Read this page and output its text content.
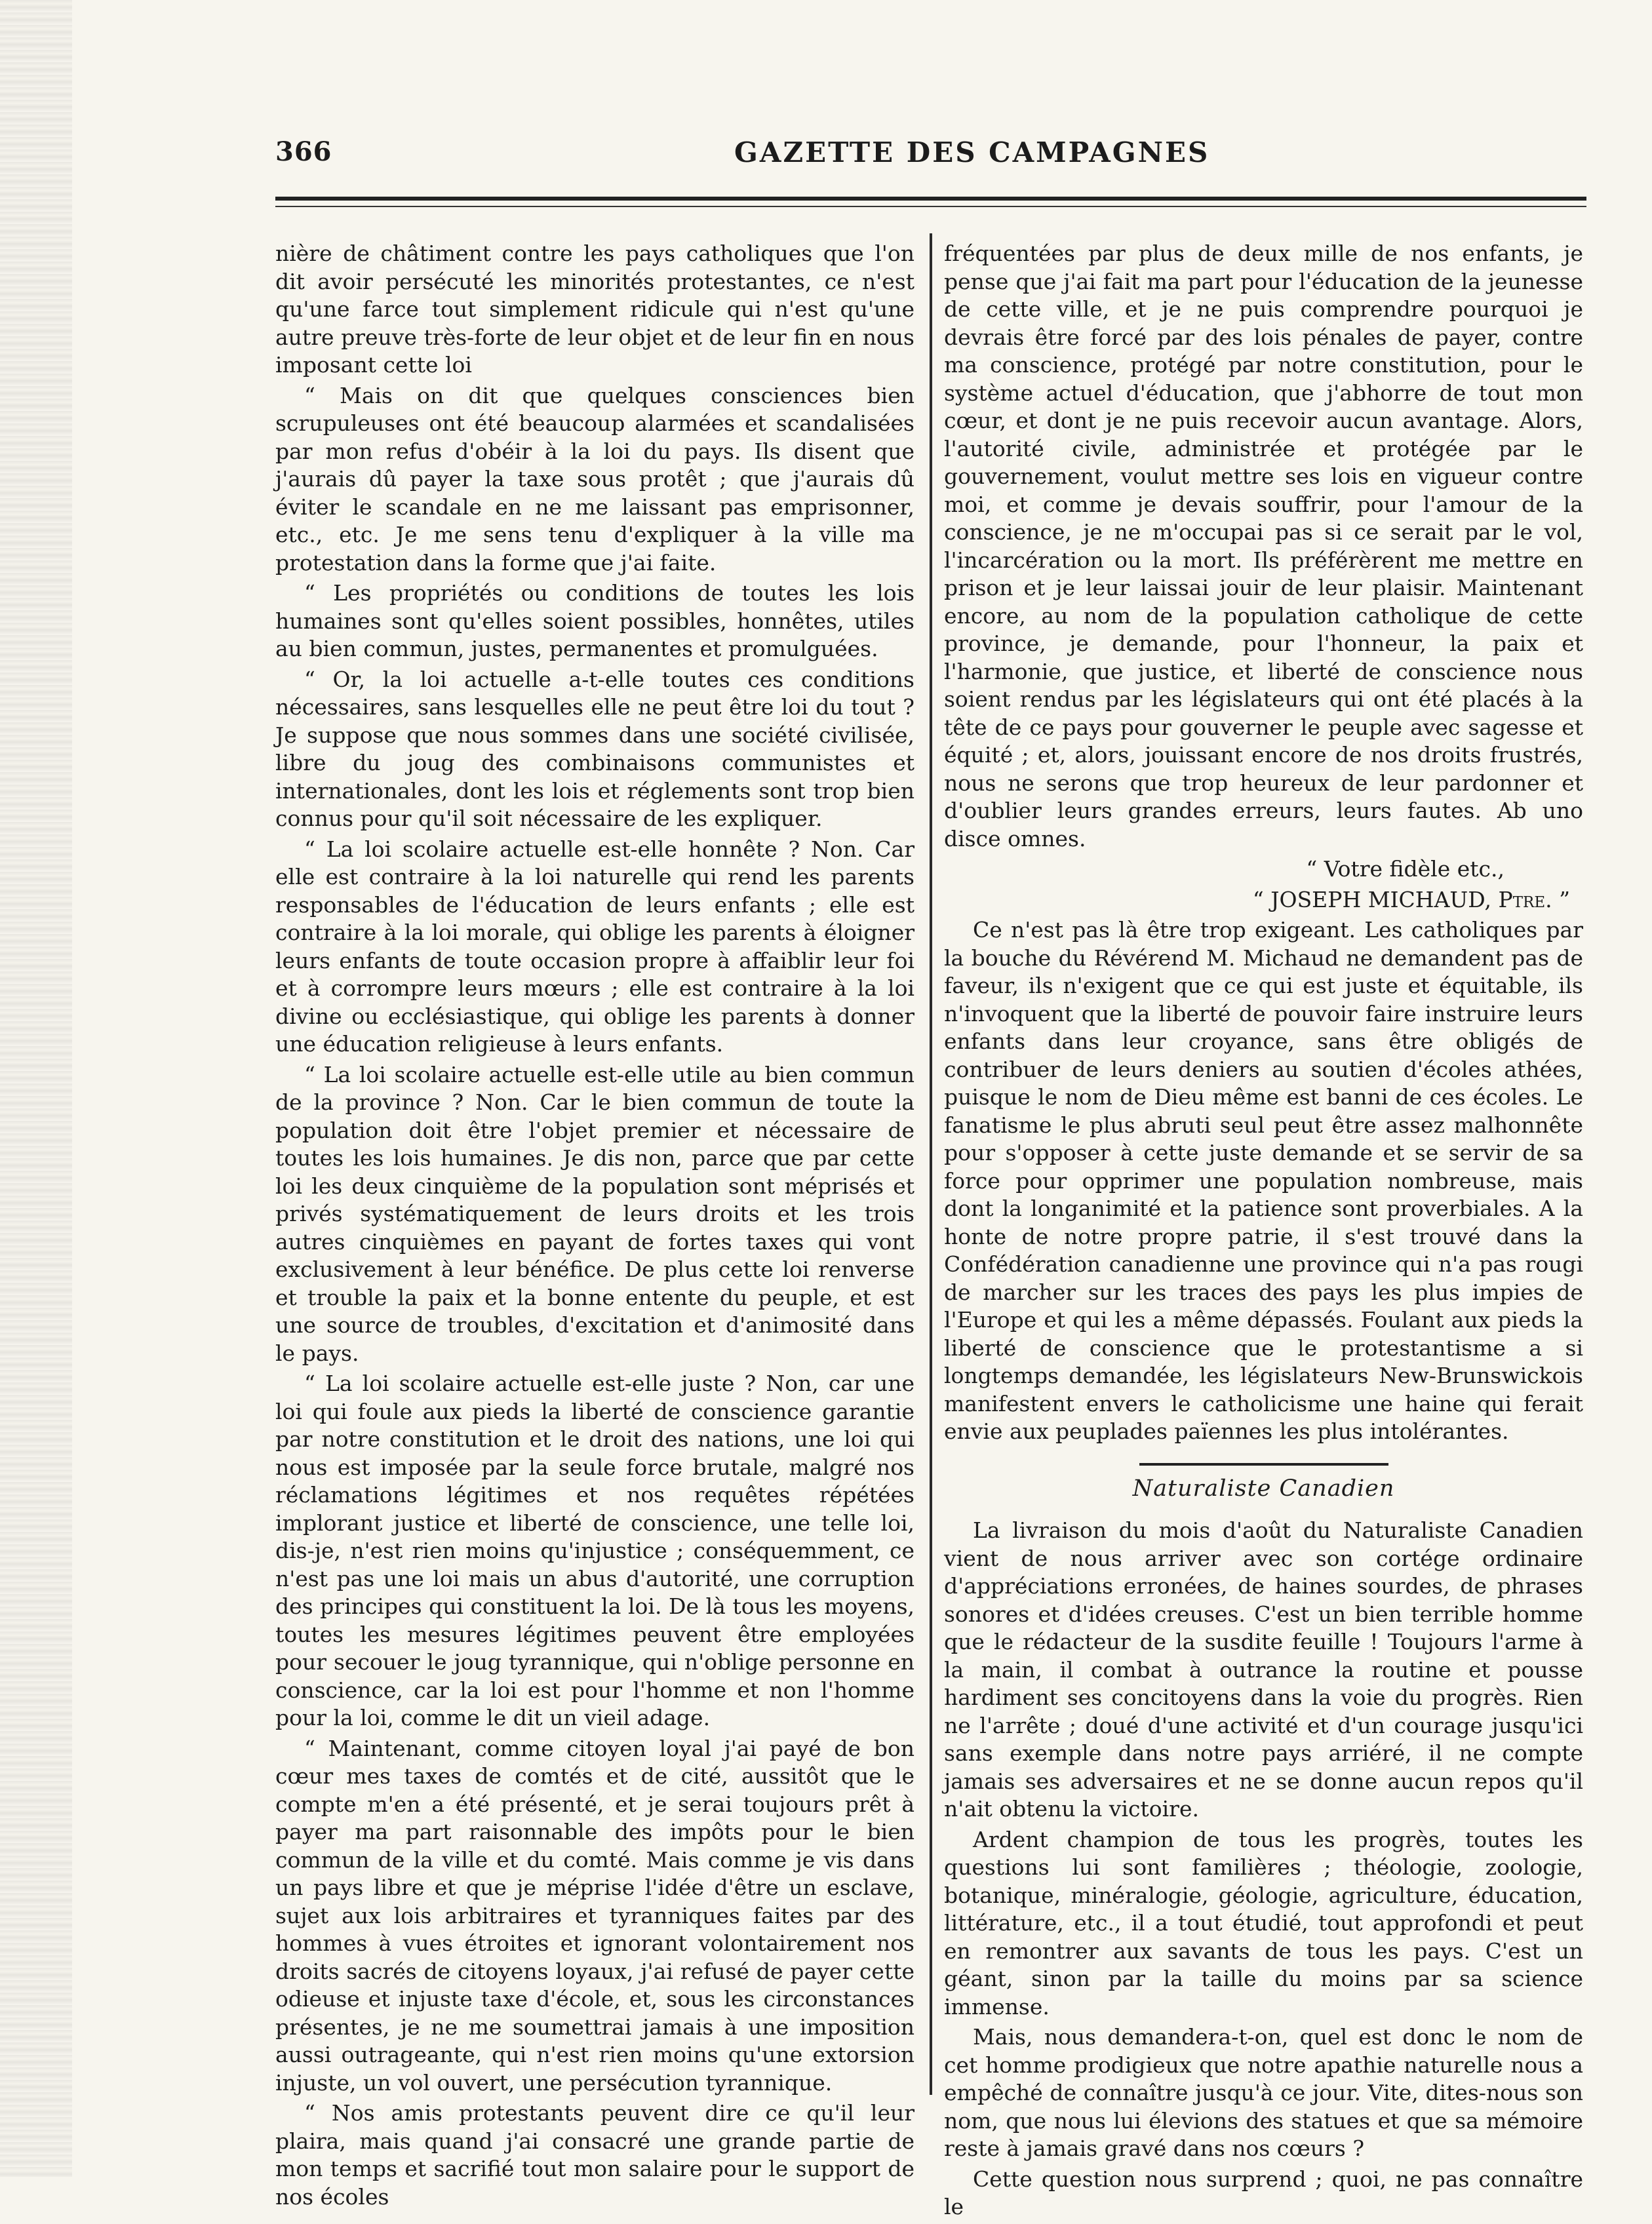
366	GAZETTE DES CAMPAGNES

nière de châtiment contre les pays catholiques que l'on dit avoir persécuté les minorités protestantes, ce n'est qu'une farce tout simplement ridicule qui n'est qu'une autre preuve très-forte de leur objet et de leur fin en nous imposant cette loi

“ Mais on dit que quelques consciences bien scrupuleuses ont été beaucoup alarmées et scandalisées par mon refus d'obéir à la loi du pays. Ils disent que j'aurais dû payer la taxe sous protêt ; que j'aurais dû éviter le scandale en ne me laissant pas emprisonner, etc., etc. Je me sens tenu d'expliquer à la ville ma protestation dans la forme que j'ai faite.

“ Les propriétés ou conditions de toutes les lois humaines sont qu'elles soient possibles, honnêtes, utiles au bien commun, justes, permanentes et promulguées.

“ Or, la loi actuelle a-t-elle toutes ces conditions nécessaires, sans lesquelles elle ne peut être loi du tout ? Je suppose que nous sommes dans une société civilisée, libre du joug des combinaisons communistes et internationales, dont les lois et réglements sont trop bien connus pour qu'il soit nécessaire de les expliquer.

“ La loi scolaire actuelle est-elle honnête ? Non. Car elle est contraire à la loi naturelle qui rend les parents responsables de l'éducation de leurs enfants ; elle est contraire à la loi morale, qui oblige les parents à éloigner leurs enfants de toute occasion propre à affaiblir leur foi et à corrompre leurs mœurs ; elle est contraire à la loi divine ou ecclésiastique, qui oblige les parents à donner une éducation religieuse à leurs enfants.

“ La loi scolaire actuelle est-elle utile au bien commun de la province ? Non. Car le bien commun de toute la population doit être l'objet premier et nécessaire de toutes les lois humaines. Je dis non, parce que par cette loi les deux cinquième de la population sont méprisés et privés systématiquement de leurs droits et les trois autres cinquièmes en payant de fortes taxes qui vont exclusivement à leur bénéfice. De plus cette loi renverse et trouble la paix et la bonne entente du peuple, et est une source de troubles, d'excitation et d'animosité dans le pays.

“ La loi scolaire actuelle est-elle juste ? Non, car une loi qui foule aux pieds la liberté de conscience garantie par notre constitution et le droit des nations, une loi qui nous est imposée par la seule force brutale, malgré nos réclamations légitimes et nos requêtes répétées implorant justice et liberté de conscience, une telle loi, dis-je, n'est rien moins qu'injustice ; conséquemment, ce n'est pas une loi mais un abus d'autorité, une corruption des principes qui constituent la loi. De là tous les moyens, toutes les mesures légitimes peuvent être employées pour secouer le joug tyrannique, qui n'oblige personne en conscience, car la loi est pour l'homme et non l'homme pour la loi, comme le dit un vieil adage.

“ Maintenant, comme citoyen loyal j'ai payé de bon cœur mes taxes de comtés et de cité, aussitôt que le compte m'en a été présenté, et je serai toujours prêt à payer ma part raisonnable des impôts pour le bien commun de la ville et du comté. Mais comme je vis dans un pays libre et que je méprise l'idée d'être un esclave, sujet aux lois arbitraires et tyranniques faites par des hommes à vues étroites et ignorant volontairement nos droits sacrés de citoyens loyaux, j'ai refusé de payer cette odieuse et injuste taxe d'école, et, sous les circonstances présentes, je ne me soumettrai jamais à une imposition aussi outrageante, qui n'est rien moins qu'une extorsion injuste, un vol ouvert, une persécution tyrannique.

“ Nos amis protestants peuvent dire ce qu'il leur plaira, mais quand j'ai consacré une grande partie de mon temps et sacrifié tout mon salaire pour le support de nos écoles

fréquentées par plus de deux mille de nos enfants, je pense que j'ai fait ma part pour l'éducation de la jeunesse de cette ville, et je ne puis comprendre pourquoi je devrais être forcé par des lois pénales de payer, contre ma conscience, protégé par notre constitution, pour le système actuel d'éducation, que j'abhorre de tout mon cœur, et dont je ne puis recevoir aucun avantage. Alors, l'autorité civile, administrée et protégée par le gouvernement, voulut mettre ses lois en vigueur contre moi, et comme je devais souffrir, pour l'amour de la conscience, je ne m'occupai pas si ce serait par le vol, l'incarcération ou la mort. Ils préférèrent me mettre en prison et je leur laissai jouir de leur plaisir. Maintenant encore, au nom de la population catholique de cette province, je demande, pour l'honneur, la paix et l'harmonie, que justice, et liberté de conscience nous soient rendus par les législateurs qui ont été placés à la tête de ce pays pour gouverner le peuple avec sagesse et équité ; et, alors, jouissant encore de nos droits frustrés, nous ne serons que trop heureux de leur pardonner et d'oublier leurs grandes erreurs, leurs fautes. Ab uno disce omnes.

“ Votre fidèle etc.,

“ JOSEPH MICHAUD, Ptre. ”

Ce n'est pas là être trop exigeant. Les catholiques par la bouche du Révérend M. Michaud ne demandent pas de faveur, ils n'exigent que ce qui est juste et équitable, ils n'invoquent que la liberté de pouvoir faire instruire leurs enfants dans leur croyance, sans être obligés de contribuer de leurs deniers au soutien d'écoles athées, puisque le nom de Dieu même est banni de ces écoles. Le fanatisme le plus abruti seul peut être assez malhonnête pour s'opposer à cette juste demande et se servir de sa force pour opprimer une population nombreuse, mais dont la longanimité et la patience sont proverbiales. A la honte de notre propre patrie, il s'est trouvé dans la Confédération canadienne une province qui n'a pas rougi de marcher sur les traces des pays les plus impies de l'Europe et qui les a même dépassés. Foulant aux pieds la liberté de conscience que le protestantisme a si longtemps demandée, les législateurs New-Brunswickois manifestent envers le catholicisme une haine qui ferait envie aux peuplades païennes les plus intolérantes.

Naturaliste Canadien

La livraison du mois d'août du Naturaliste Canadien vient de nous arriver avec son cortége ordinaire d'appréciations erronées, de haines sourdes, de phrases sonores et d'idées creuses. C'est un bien terrible homme que le rédacteur de la susdite feuille ! Toujours l'arme à la main, il combat à outrance la routine et pousse hardiment ses concitoyens dans la voie du progrès. Rien ne l'arrête ; doué d'une activité et d'un courage jusqu'ici sans exemple dans notre pays arriéré, il ne compte jamais ses adversaires et ne se donne aucun repos qu'il n'ait obtenu la victoire.

Ardent champion de tous les progrès, toutes les questions lui sont familières ; théologie, zoologie, botanique, minéralogie, géologie, agriculture, éducation, littérature, etc., il a tout étudié, tout approfondi et peut en remontrer aux savants de tous les pays. C'est un géant, sinon par la taille du moins par sa science immense.

Mais, nous demandera-t-on, quel est donc le nom de cet homme prodigieux que notre apathie naturelle nous a empêché de connaître jusqu'à ce jour. Vite, dites-nous son nom, que nous lui élevions des statues et que sa mémoire reste à jamais gravé dans nos cœurs ?

Cette question nous surprend ; quoi, ne pas connaître le
